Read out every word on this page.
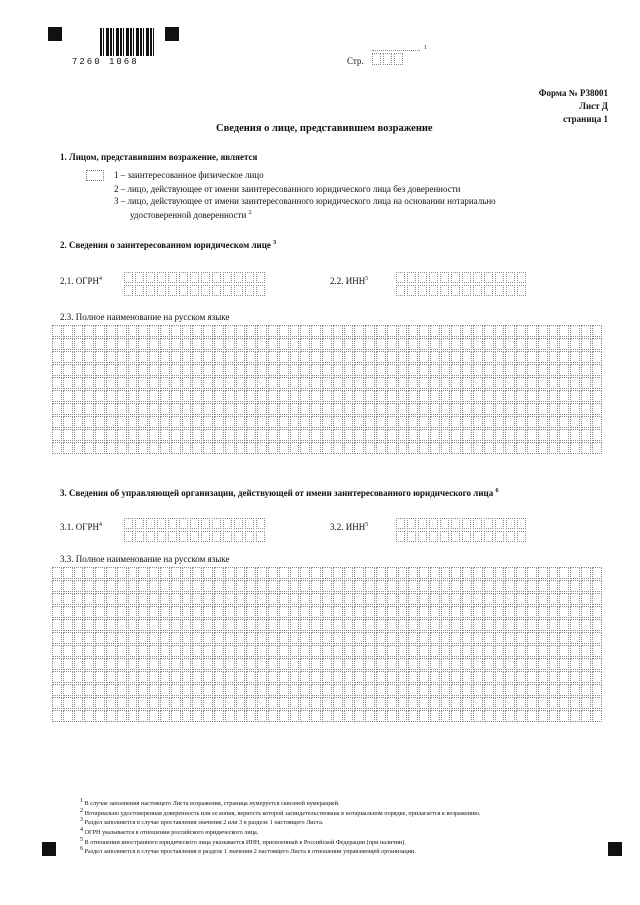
7260 1068	Стр.
1
Форма № Р38001
Лист Д
страница 1
Сведения о лице, представившем возражение
1. Лицом, представившим возражение, является
1 – заинтересованное физическое лицо
2 – лицо, действующее от имени заинтересованного юридического лица без доверенности
3 – лицо, действующее от имени заинтересованного юридического лица на основании нотариально
удостоверенной доверенности $^2$
2. Сведения о заинтересованном юридическом лице $^3$
2.1. ОГРН$^4$	2.2. ИНН$^5$
2.3. Полное наименование на русском языке
3. Сведения об управляющей организации, действующей от имени заинтересованного юридического лица $^6$
3.1. ОГРН$^4$	3.2. ИНН$^5$
3.3. Полное наименование на русском языке
$^1$ В случае заполнения настоящего Листа возражения, страница нумеруется сквозной нумерацией.
$^2$ Нотариально удостоверенная доверенность или ее копия, верность которой засвидетельствована в нотариальном порядке, прилагается к возражению.
$^3$ Раздел заполняется в случае проставления значения 2 или 3 в разделе 1 настоящего Листа.
$^4$ ОГРН указывается в отношении российского юридического лица.
$^5$ В отношении иностранного юридического лица указывается ИНН, присвоенный в Российской Федерации (при наличии).
$^6$ Раздел заполняется в случае проставления в разделе 1 значения 2 настоящего Листа в отношении управляющей организации.
